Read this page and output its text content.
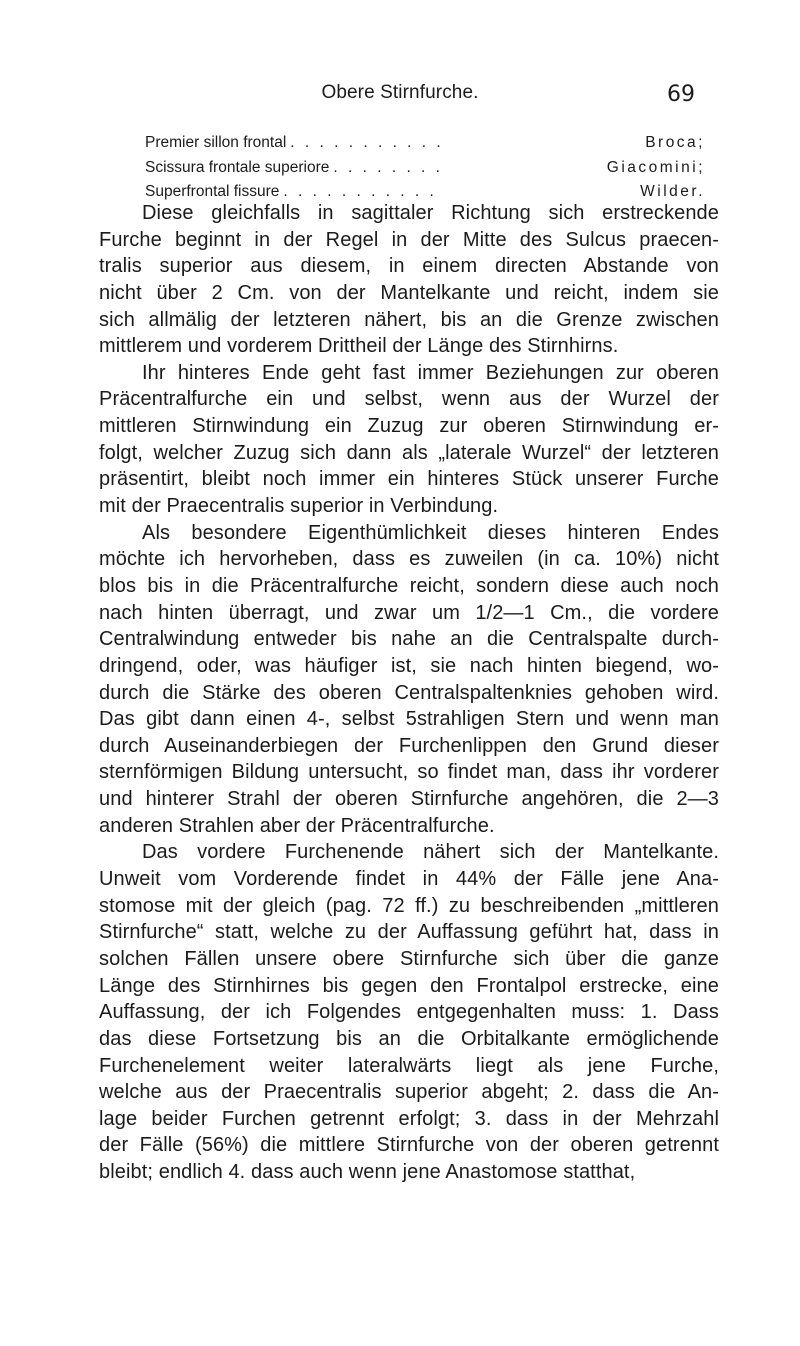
Obere Stirnfurche.	69
Premier sillon frontal . . . . . . . . . . .	Broca;
Scissura frontale superiore . . . . . . . .	Giacomini;
Superfrontal fissure . . . . . . . . . . .	Wilder.
Diese gleichfalls in sagittaler Richtung sich erstreckende
Furche beginnt in der Regel in der Mitte des Sulcus praecen-
tralis superior aus diesem, in einem directen Abstande von
nicht über 2 Cm. von der Mantelkante und reicht, indem sie
sich allmälig der letzteren nähert, bis an die Grenze zwischen
mittlerem und vorderem Drittheil der Länge des Stirnhirns.
Ihr hinteres Ende geht fast immer Beziehungen zur oberen
Präcentralfurche ein und selbst, wenn aus der Wurzel der
mittleren Stirnwindung ein Zuzug zur oberen Stirnwindung er-
folgt, welcher Zuzug sich dann als „laterale Wurzel“ der letzteren
präsentirt, bleibt noch immer ein hinteres Stück unserer Furche
mit der Praecentralis superior in Verbindung.
Als besondere Eigenthümlichkeit dieses hinteren Endes
möchte ich hervorheben, dass es zuweilen (in ca. 10%) nicht
blos bis in die Präcentralfurche reicht, sondern diese auch noch
nach hinten überragt, und zwar um 1/2—1 Cm., die vordere
Centralwindung entweder bis nahe an die Centralspalte durch-
dringend, oder, was häufiger ist, sie nach hinten biegend, wo-
durch die Stärke des oberen Centralspaltenknies gehoben wird.
Das gibt dann einen 4-, selbst 5strahligen Stern und wenn man
durch Auseinanderbiegen der Furchenlippen den Grund dieser
sternförmigen Bildung untersucht, so findet man, dass ihr vorderer
und hinterer Strahl der oberen Stirnfurche angehören, die 2—3
anderen Strahlen aber der Präcentralfurche.
Das vordere Furchenende nähert sich der Mantelkante.
Unweit vom Vorderende findet in 44% der Fälle jene Ana-
stomose mit der gleich (pag. 72 ff.) zu beschreibenden „mittleren
Stirnfurche“ statt, welche zu der Auffassung geführt hat, dass in
solchen Fällen unsere obere Stirnfurche sich über die ganze
Länge des Stirnhirnes bis gegen den Frontalpol erstrecke, eine
Auffassung, der ich Folgendes entgegenhalten muss: 1. Dass
das diese Fortsetzung bis an die Orbitalkante ermöglichende
Furchenelement weiter lateralwärts liegt als jene Furche,
welche aus der Praecentralis superior abgeht; 2. dass die An-
lage beider Furchen getrennt erfolgt; 3. dass in der Mehrzahl
der Fälle (56%) die mittlere Stirnfurche von der oberen getrennt
bleibt; endlich 4. dass auch wenn jene Anastomose statthat,
